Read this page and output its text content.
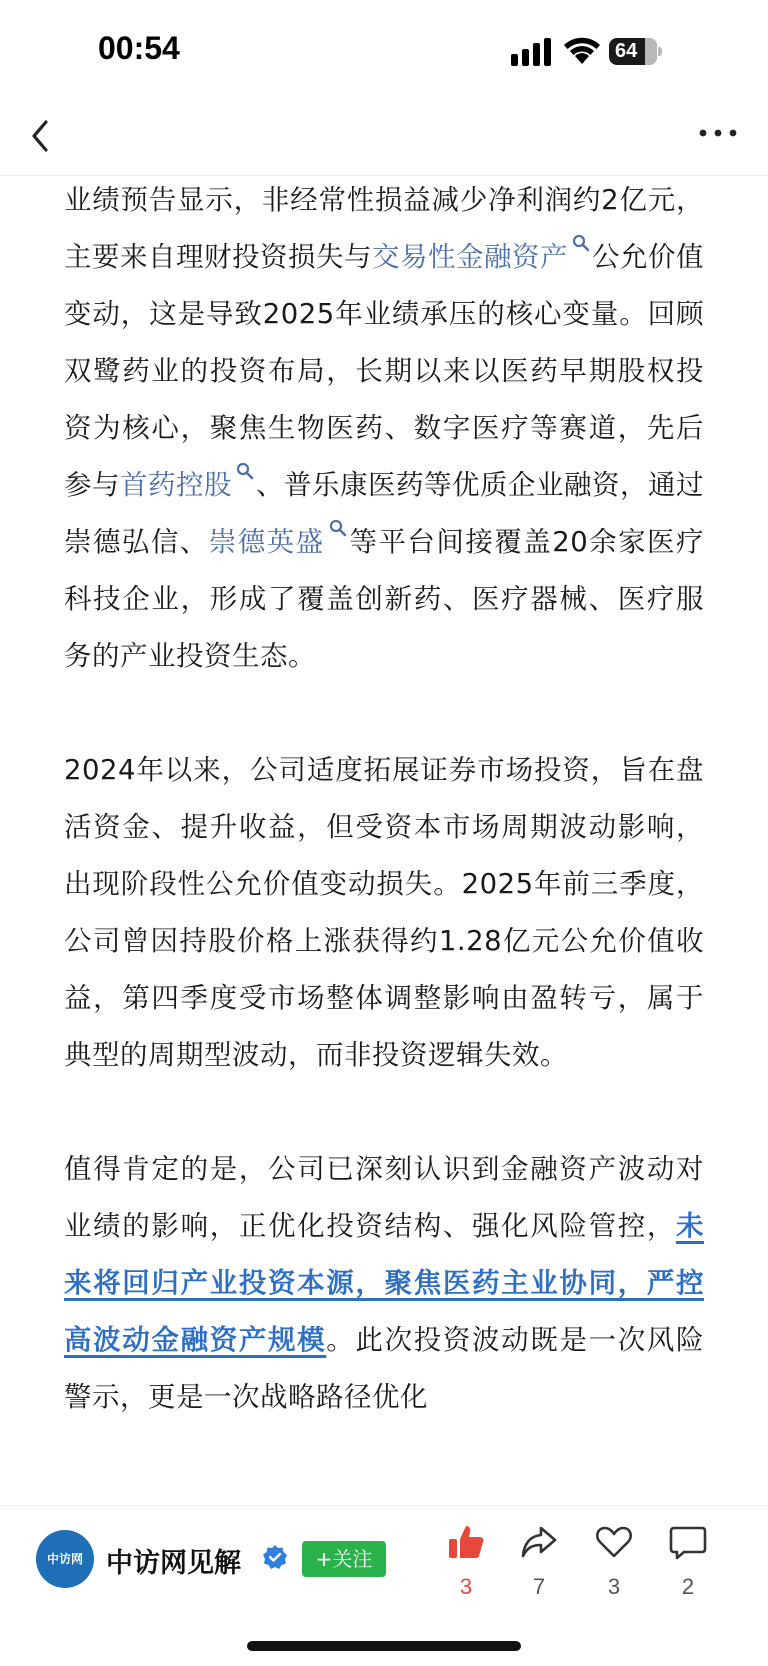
00:54	64

业绩预告显示，非经常性损益减少净利润约2亿元，主要来自理财投资损失与交易性金融资产 公允价值变动，这是导致2025年业绩承压的核心变量。回顾双鹭药业的投资布局，长期以来以医药早期股权投资为核心，聚焦生物医药、数字医疗等赛道，先后参与首药控股 、普乐康医药等优质企业融资，通过崇德弘信、崇德英盛 等平台间接覆盖20余家医疗科技企业，形成了覆盖创新药、医疗器械、医疗服务的产业投资生态。

2024年以来，公司适度拓展证券市场投资，旨在盘活资金、提升收益，但受资本市场周期波动影响，出现阶段性公允价值变动损失。2025年前三季度，公司曾因持股价格上涨获得约1.28亿元公允价值收益，第四季度受市场整体调整影响由盈转亏，属于典型的周期型波动，而非投资逻辑失效。

值得肯定的是，公司已深刻认识到金融资产波动对业绩的影响，正优化投资结构、强化风险管控，未来将回归产业投资本源，聚焦医药主业协同，严控高波动金融资产规模。此次投资波动既是一次风险警示，更是一次战略路径优化

中访网 中访网见解	+关注
3	7	3	2
